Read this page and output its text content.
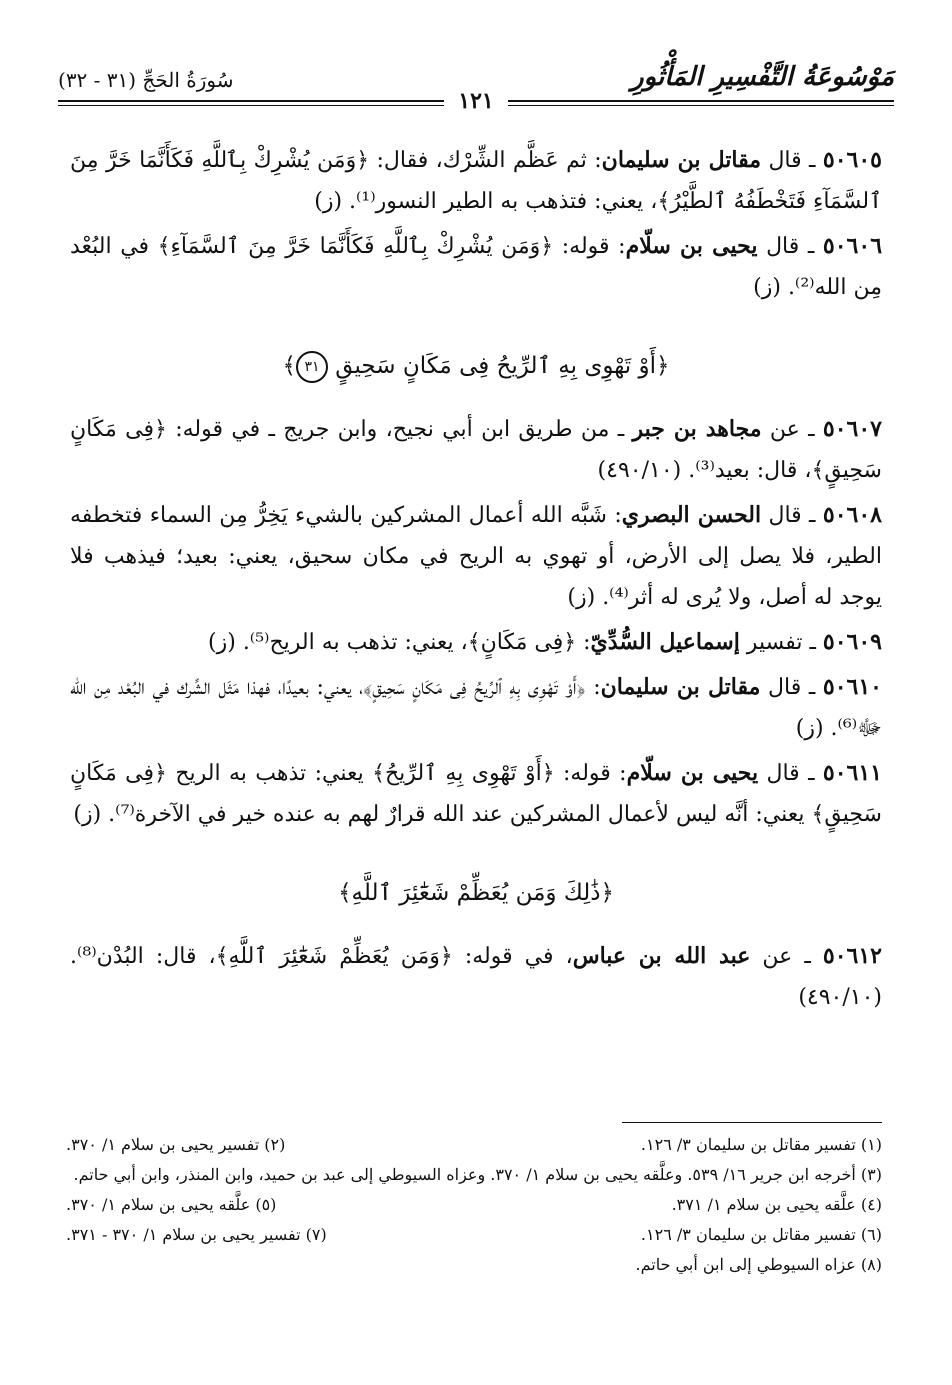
مَوْسُوعَةُ التَّفْسِيرِ المَأْثُورِ
سُورَةُ الحَجِّ (٣١ - ٣٢)
١٢١

٥٠٦٠٥ ـ قال مقاتل بن سليمان: ثم عَظَّم الشِّرْك، فقال: ﴿وَمَن يُشْرِكْ بِٱللَّهِ فَكَأَنَّمَا خَرَّ مِنَ ٱلسَّمَآءِ فَتَخْطَفُهُ ٱلطَّيْرُ﴾، يعني: فتذهب به الطير النسور⁽¹⁾. (ز)

٥٠٦٠٦ ـ قال يحيى بن سلّام: قوله: ﴿وَمَن يُشْرِكْ بِٱللَّهِ فَكَأَنَّمَا خَرَّ مِنَ ٱلسَّمَآءِ﴾ في البُعْد مِن الله⁽²⁾. (ز)

﴿أَوْ تَهْوِى بِهِ ٱلرِّيحُ فِى مَكَانٍ سَحِيقٍ ٣١﴾

٥٠٦٠٧ ـ عن مجاهد بن جبر ـ من طريق ابن أبي نجيح، وابن جريج ـ في قوله: ﴿فِى مَكَانٍ سَحِيقٍ﴾، قال: بعيد⁽³⁾. (٤٩٠/١٠)

٥٠٦٠٨ ـ قال الحسن البصري: شَبَّه الله أعمال المشركين بالشيء يَخِرُّ مِن السماء فتخطفه الطير، فلا يصل إلى الأرض، أو تهوي به الريح في مكان سحيق، يعني: بعيد؛ فيذهب فلا يوجد له أصل، ولا يُرى له أثر⁽⁴⁾. (ز)

٥٠٦٠٩ ـ تفسير إسماعيل السُّدِّيّ: ﴿فِى مَكَانٍ﴾، يعني: تذهب به الريح⁽⁵⁾. (ز)

٥٠٦١٠ ـ قال مقاتل بن سليمان: ﴿أَوْ تَهْوِى بِهِ ٱلرِّيحُ فِى مَكَانٍ سَحِيقٍ﴾، يعني: بعيدًا، فهذا مَثَل الشِّرك في البُعْد مِن الله ﷻ⁽⁶⁾. (ز)

٥٠٦١١ ـ قال يحيى بن سلّام: قوله: ﴿أَوْ تَهْوِى بِهِ ٱلرِّيحُ﴾ يعني: تذهب به الريح ﴿فِى مَكَانٍ سَحِيقٍ﴾ يعني: أنَّه ليس لأعمال المشركين عند الله قرارٌ لهم به عنده خير في الآخرة⁽⁷⁾. (ز)

﴿ذَٰلِكَ وَمَن يُعَظِّمْ شَعَٰٓئِرَ ٱللَّهِ﴾

٥٠٦١٢ ـ عن عبد الله بن عباس، في قوله: ﴿وَمَن يُعَظِّمْ شَعَٰٓئِرَ ٱللَّهِ﴾، قال: البُدْن⁽⁸⁾. (٤٩٠/١٠)

(١) تفسير مقاتل بن سليمان ٣/ ١٢٦.
(٢) تفسير يحيى بن سلام ١/ ٣٧٠.
(٣) أخرجه ابن جرير ١٦/ ٥٣٩. وعلَّقه يحيى بن سلام ١/ ٣٧٠. وعزاه السيوطي إلى عبد بن حميد، وابن المنذر، وابن أبي حاتم.
(٤) علَّقه يحيى بن سلام ١/ ٣٧١.
(٥) علَّقه يحيى بن سلام ١/ ٣٧٠.
(٦) تفسير مقاتل بن سليمان ٣/ ١٢٦.
(٧) تفسير يحيى بن سلام ١/ ٣٧٠ - ٣٧١.
(٨) عزاه السيوطي إلى ابن أبي حاتم.
